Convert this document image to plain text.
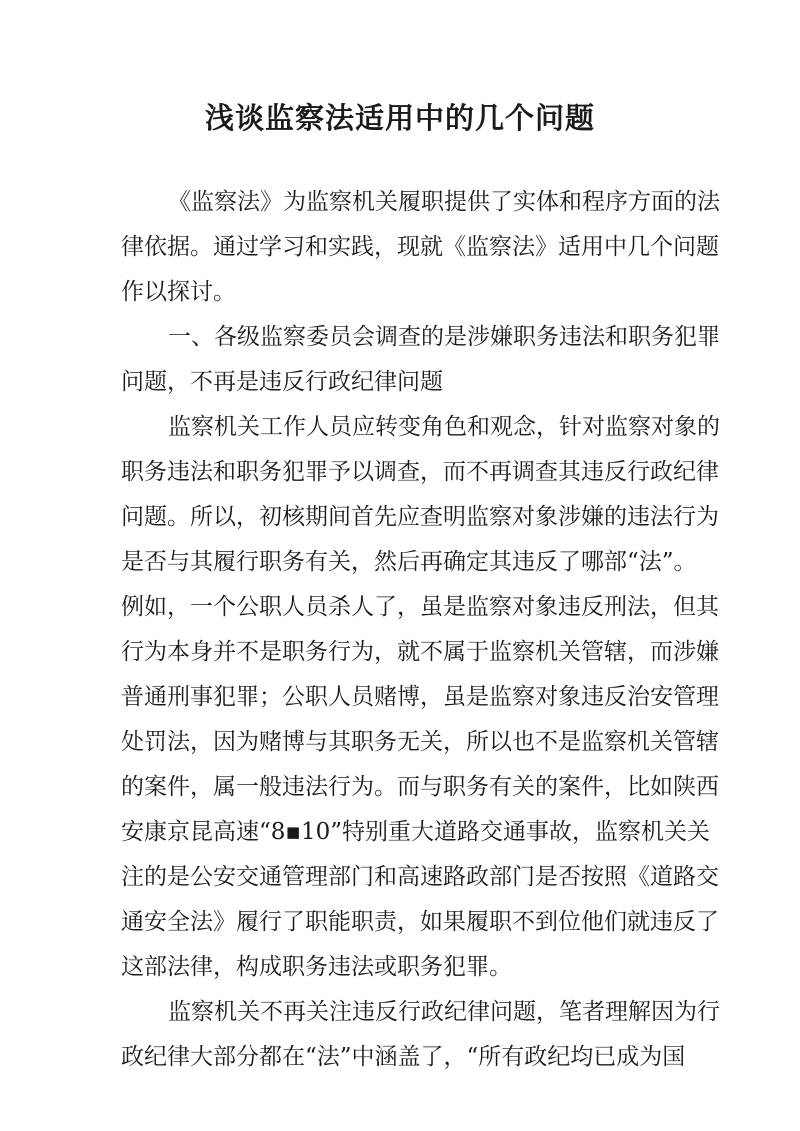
浅谈监察法适用中的几个问题

《监察法》为监察机关履职提供了实体和程序方面的法

律依据。通过学习和实践，现就《监察法》适用中几个问题

作以探讨。

一、各级监察委员会调查的是涉嫌职务违法和职务犯罪

问题，不再是违反行政纪律问题

监察机关工作人员应转变角色和观念，针对监察对象的

职务违法和职务犯罪予以调查，而不再调查其违反行政纪律

问题。所以，初核期间首先应查明监察对象涉嫌的违法行为

是否与其履行职务有关，然后再确定其违反了哪部“法”。

例如，一个公职人员杀人了，虽是监察对象违反刑法，但其

行为本身并不是职务行为，就不属于监察机关管辖，而涉嫌

普通刑事犯罪；公职人员赌博，虽是监察对象违反治安管理

处罚法，因为赌博与其职务无关，所以也不是监察机关管辖

的案件，属一般违法行为。而与职务有关的案件，比如陕西

安康京昆高速“8▪10”特别重大道路交通事故，监察机关关

注的是公安交通管理部门和高速路政部门是否按照《道路交

通安全法》履行了职能职责，如果履职不到位他们就违反了

这部法律，构成职务违法或职务犯罪。

监察机关不再关注违反行政纪律问题，笔者理解因为行

政纪律大部分都在“法”中涵盖了，“所有政纪均已成为国
